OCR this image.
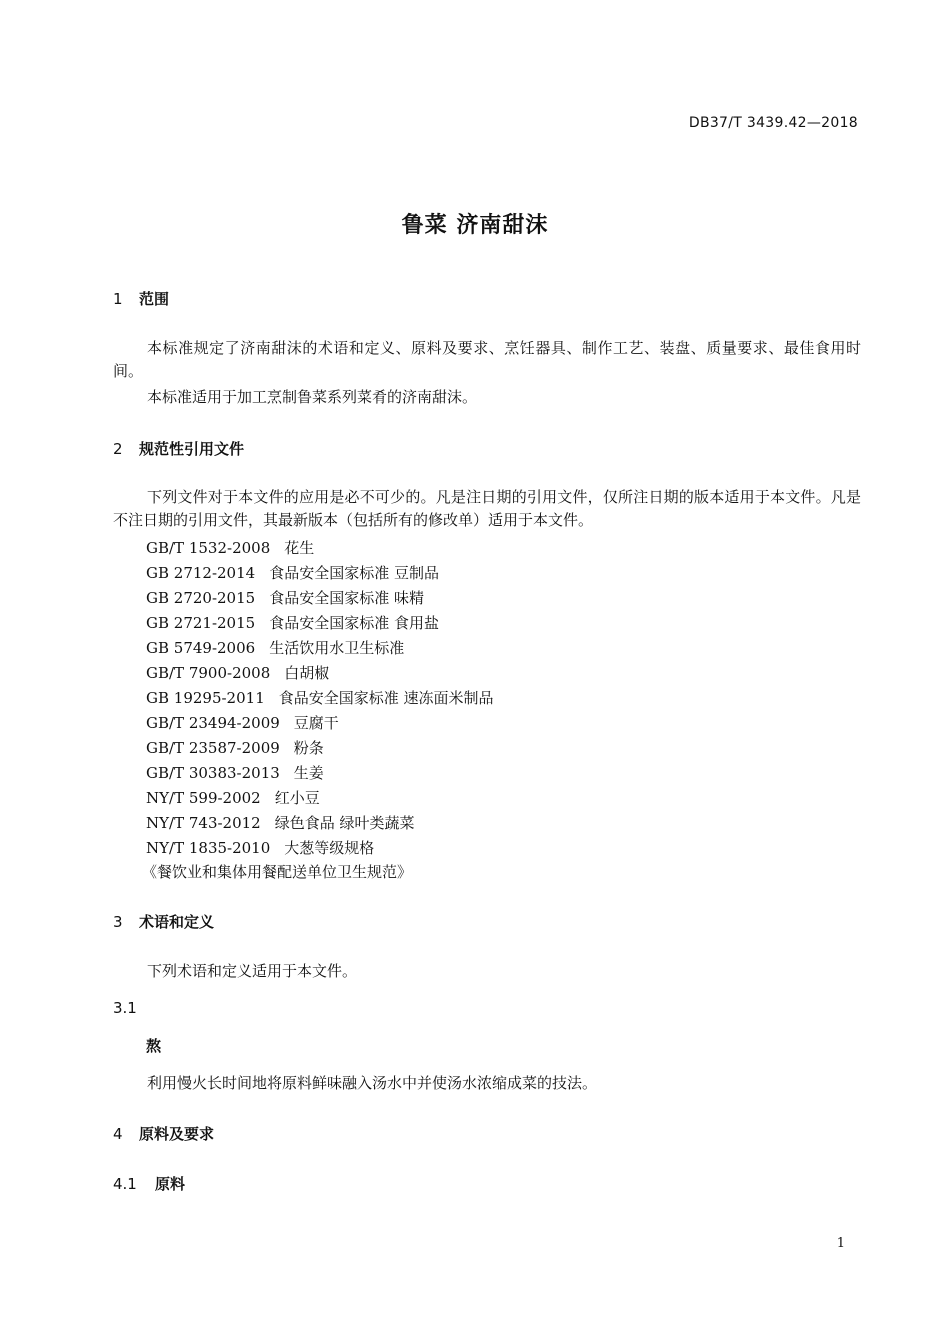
DB37/T 3439.42—2018
鲁菜 济南甜沫
1 范围
本标准规定了济南甜沫的术语和定义、原料及要求、烹饪器具、制作工艺、装盘、质量要求、最佳食用时间。
本标准适用于加工烹制鲁菜系列菜肴的济南甜沫。
2 规范性引用文件
下列文件对于本文件的应用是必不可少的。凡是注日期的引用文件，仅所注日期的版本适用于本文件。凡是不注日期的引用文件，其最新版本（包括所有的修改单）适用于本文件。
GB/T 1532-2008 花生
GB 2712-2014 食品安全国家标准 豆制品
GB 2720-2015 食品安全国家标准 味精
GB 2721-2015 食品安全国家标准 食用盐
GB 5749-2006 生活饮用水卫生标准
GB/T 7900-2008 白胡椒
GB 19295-2011 食品安全国家标准 速冻面米制品
GB/T 23494-2009 豆腐干
GB/T 23587-2009 粉条
GB/T 30383-2013 生姜
NY/T 599-2002 红小豆
NY/T 743-2012 绿色食品 绿叶类蔬菜
NY/T 1835-2010 大葱等级规格
《餐饮业和集体用餐配送单位卫生规范》
3 术语和定义
下列术语和定义适用于本文件。
3.1
熬
利用慢火长时间地将原料鲜味融入汤水中并使汤水浓缩成菜的技法。
4 原料及要求
4.1 原料
1
